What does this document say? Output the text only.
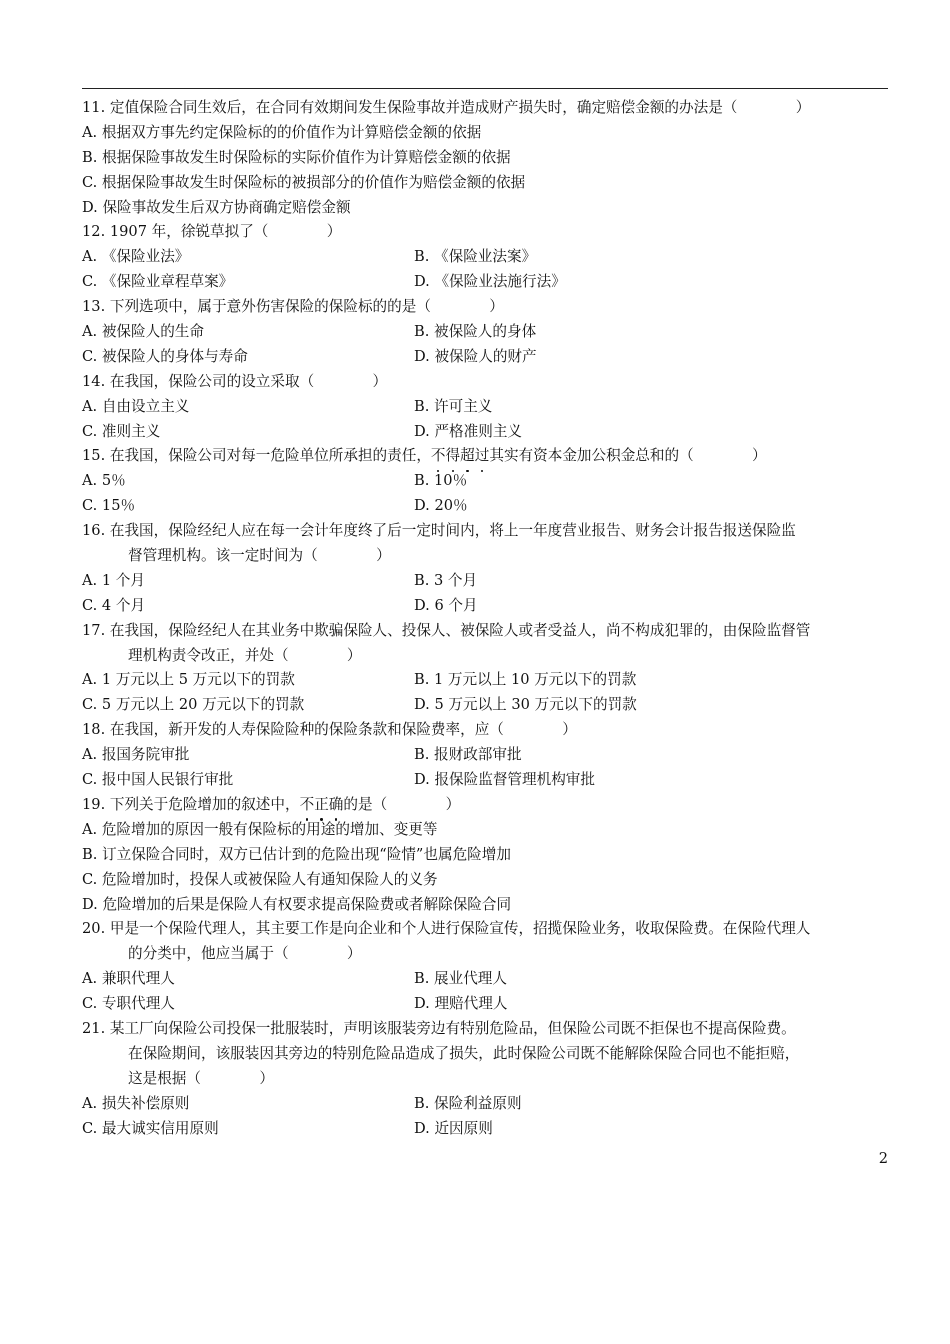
11. 定值保险合同生效后，在合同有效期间发生保险事故并造成财产损失时，确定赔偿金额的办法是（　　　　）
A. 根据双方事先约定保险标的的价值作为计算赔偿金额的依据
B. 根据保险事故发生时保险标的实际价值作为计算赔偿金额的依据
C. 根据保险事故发生时保险标的被损部分的价值作为赔偿金额的依据
D. 保险事故发生后双方协商确定赔偿金额
12. 1907 年，徐锐草拟了（　　　　）
A. 《保险业法》	B. 《保险业法案》
C. 《保险业章程草案》	D. 《保险业法施行法》
13. 下列选项中，属于意外伤害保险的保险标的的是（　　　　）
A. 被保险人的生命	B. 被保险人的身体
C. 被保险人的身体与寿命	D. 被保险人的财产
14. 在我国，保险公司的设立采取（　　　　）
A. 自由设立主义	B. 许可主义
C. 准则主义	D. 严格准则主义
15. 在我国，保险公司对每一危险单位所承担的责任，不得超过其实有资本金加公积金总和的（　　　　）
A. 5％	B. 10％
C. 15％	D. 20％
16. 在我国，保险经纪人应在每一会计年度终了后一定时间内，将上一年度营业报告、财务会计报告报送保险监
督管理机构。该一定时间为（　　　　）
A. 1 个月	B. 3 个月
C. 4 个月	D. 6 个月
17. 在我国，保险经纪人在其业务中欺骗保险人、投保人、被保险人或者受益人，尚不构成犯罪的，由保险监督管
理机构责令改正，并处（　　　　）
A. 1 万元以上 5 万元以下的罚款	B. 1 万元以上 10 万元以下的罚款
C. 5 万元以上 20 万元以下的罚款	D. 5 万元以上 30 万元以下的罚款
18. 在我国，新开发的人寿保险险种的保险条款和保险费率，应（　　　　）
A. 报国务院审批	B. 报财政部审批
C. 报中国人民银行审批	D. 报保险监督管理机构审批
19. 下列关于危险增加的叙述中，不正确的是（　　　　）
A. 危险增加的原因一般有保险标的用途的增加、变更等
B. 订立保险合同时，双方已估计到的危险出现“险情”也属危险增加
C. 危险增加时，投保人或被保险人有通知保险人的义务
D. 危险增加的后果是保险人有权要求提高保险费或者解除保险合同
20. 甲是一个保险代理人，其主要工作是向企业和个人进行保险宣传，招揽保险业务，收取保险费。在保险代理人
的分类中，他应当属于（　　　　）
A. 兼职代理人	B. 展业代理人
C. 专职代理人	D. 理赔代理人
21. 某工厂向保险公司投保一批服装时，声明该服装旁边有特别危险品，但保险公司既不拒保也不提高保险费。
在保险期间，该服装因其旁边的特别危险品造成了损失，此时保险公司既不能解除保险合同也不能拒赔，
这是根据（　　　　）
A. 损失补偿原则	B. 保险利益原则
C. 最大诚实信用原则	D. 近因原则
2
